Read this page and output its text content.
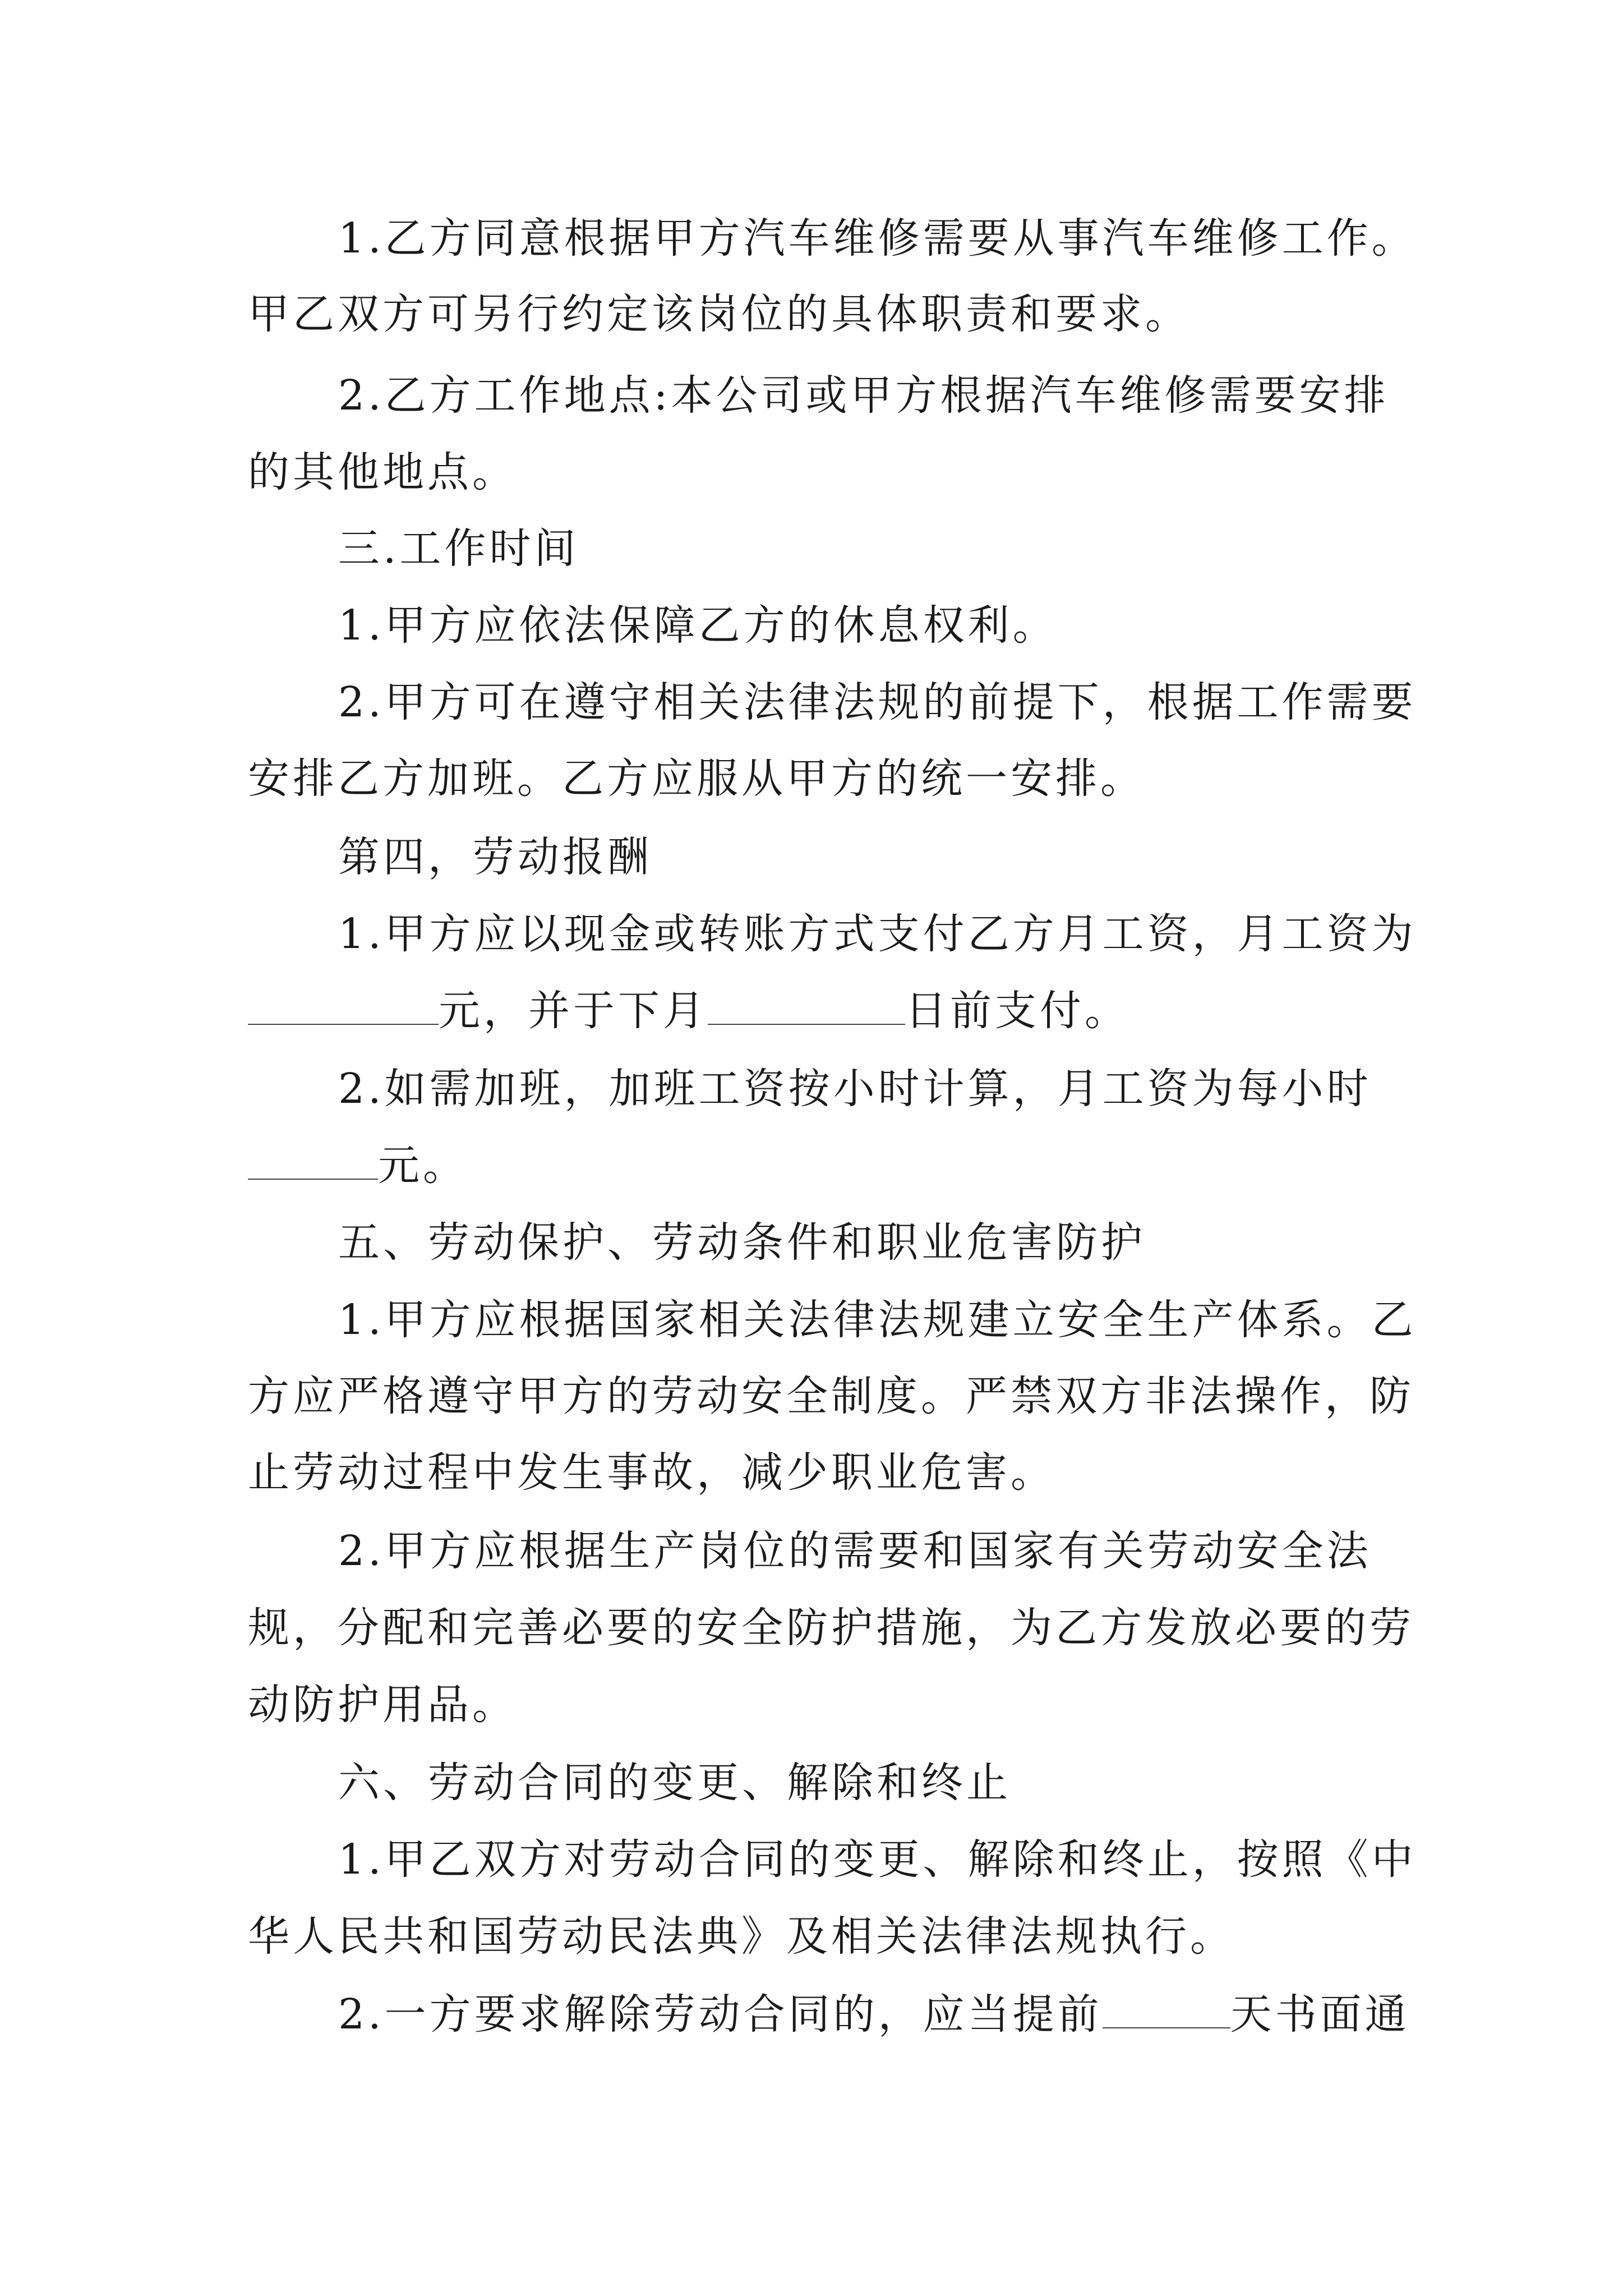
1.乙方同意根据甲方汽车维修需要从事汽车维修工作。
甲乙双方可另行约定该岗位的具体职责和要求。
2.乙方工作地点:本公司或甲方根据汽车维修需要安排
的其他地点。
三.工作时间
1.甲方应依法保障乙方的休息权利。
2.甲方可在遵守相关法律法规的前提下，根据工作需要
安排乙方加班。乙方应服从甲方的统一安排。
第四，劳动报酬
1.甲方应以现金或转账方式支付乙方月工资，月工资为
元，并于下月	日前支付。
2.如需加班，加班工资按小时计算，月工资为每小时
元。
五、劳动保护、劳动条件和职业危害防护
1.甲方应根据国家相关法律法规建立安全生产体系。乙
方应严格遵守甲方的劳动安全制度。严禁双方非法操作，防
止劳动过程中发生事故，减少职业危害。
2.甲方应根据生产岗位的需要和国家有关劳动安全法
规，分配和完善必要的安全防护措施，为乙方发放必要的劳
动防护用品。
六、劳动合同的变更、解除和终止
1.甲乙双方对劳动合同的变更、解除和终止，按照《中
华人民共和国劳动民法典》及相关法律法规执行。
2.一方要求解除劳动合同的，应当提前	天书面通
